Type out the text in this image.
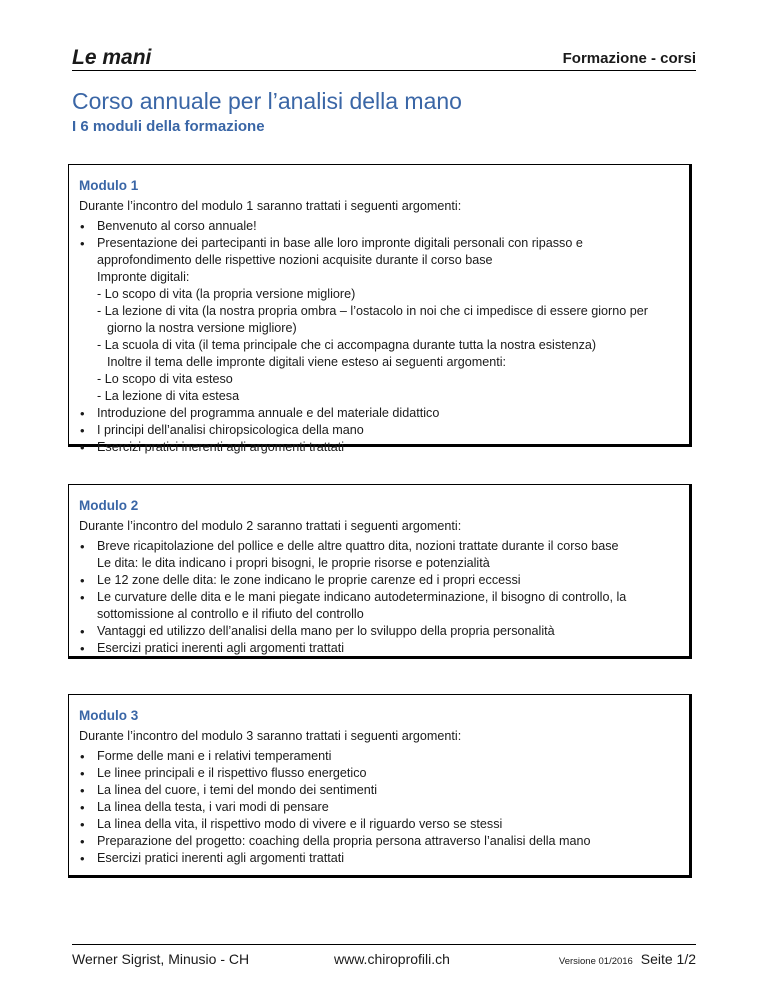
Le mani	Formazione - corsi
Corso annuale per l’analisi della mano
I 6 moduli della formazione
Modulo 1
Durante l’incontro del modulo 1 saranno trattati i seguenti argomenti:
• Benvenuto al corso annuale!
• Presentazione dei partecipanti in base alle loro impronte digitali personali con ripasso e approfondimento delle rispettive nozioni acquisite durante il corso base
Impronte digitali:
- Lo scopo di vita (la propria versione migliore)
- La lezione di vita (la nostra propria ombra – l’ostacolo in noi che ci impedisce di essere giorno per giorno la nostra versione migliore)
- La scuola di vita (il tema principale che ci accompagna durante tutta la nostra esistenza)
Inoltre il tema delle impronte digitali viene esteso ai seguenti argomenti:
- Lo scopo di vita esteso
- La lezione di vita estesa
• Introduzione del programma annuale e del materiale didattico
• I principi dell’analisi chiropsicologica della mano
• Esercizi pratici inerenti agli argomenti trattati
Modulo 2
Durante l’incontro del modulo 2 saranno trattati i seguenti argomenti:
• Breve ricapitolazione del pollice e delle altre quattro dita, nozioni trattate durante il corso base
Le dita: le dita indicano i propri bisogni, le proprie risorse e potenzialità
• Le 12 zone delle dita: le zone indicano le proprie carenze ed i propri eccessi
• Le curvature delle dita e le mani piegate indicano autodeterminazione, il bisogno di controllo, la sottomissione al controllo e il rifiuto del controllo
• Vantaggi ed utilizzo dell’analisi della mano per lo sviluppo della propria personalità
• Esercizi pratici inerenti agli argomenti trattati
Modulo 3
Durante l’incontro del modulo 3 saranno trattati i seguenti argomenti:
• Forme delle mani e i relativi temperamenti
• Le linee principali e il rispettivo flusso energetico
• La linea del cuore, i temi del mondo dei sentimenti
• La linea della testa, i vari modi di pensare
• La linea della vita, il rispettivo modo di vivere e il riguardo verso se stessi
• Preparazione del progetto: coaching della propria persona attraverso l’analisi della mano
• Esercizi pratici inerenti agli argomenti trattati
Werner Sigrist, Minusio - CH	www.chiroprofili.ch	Versione 01/2016 Seite 1/2
